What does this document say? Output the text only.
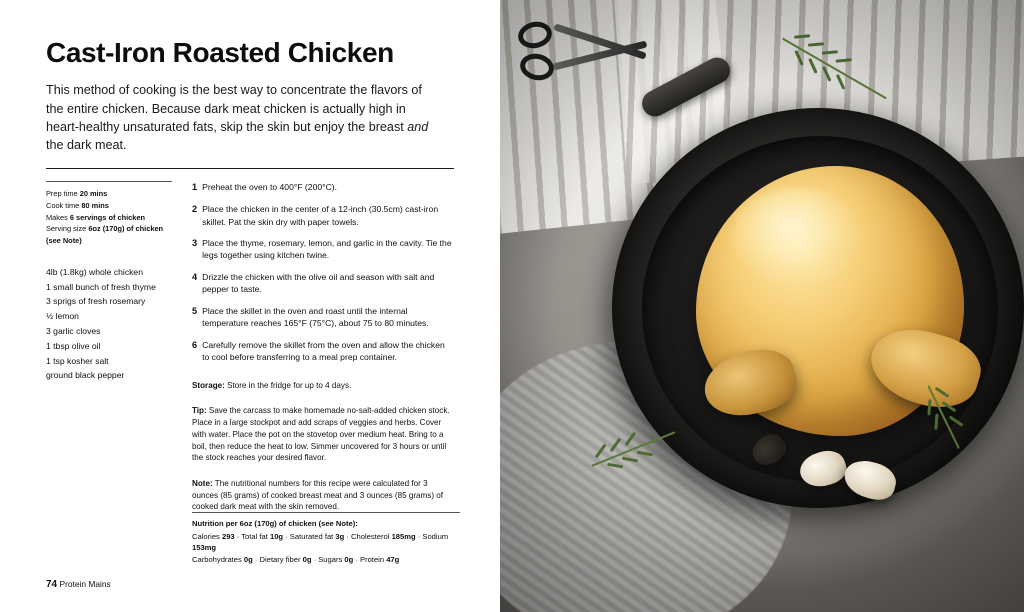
Cast-Iron Roasted Chicken

This method of cooking is the best way to concentrate the flavors of the entire chicken. Because dark meat chicken is actually high in heart-healthy unsaturated fats, skip the skin but enjoy the breast and the dark meat.

Prep time 20 mins
Cook time 80 mins
Makes 6 servings of chicken
Serving size 6oz (170g) of chicken
(see Note)
4lb (1.8kg) whole chicken
1 small bunch of fresh thyme
3 sprigs of fresh rosemary
½ lemon
3 garlic cloves
1 tbsp olive oil
1 tsp kosher salt
ground black pepper
1 Preheat the oven to 400°F (200°C).
2 Place the chicken in the center of a 12-inch (30.5cm) cast-iron skillet. Pat the skin dry with paper towels.
3 Place the thyme, rosemary, lemon, and garlic in the cavity. Tie the legs together using kitchen twine.
4 Drizzle the chicken with the olive oil and season with salt and pepper to taste.
5 Place the skillet in the oven and roast until the internal temperature reaches 165°F (75°C), about 75 to 80 minutes.
6 Carefully remove the skillet from the oven and allow the chicken to cool before transferring to a meal prep container.
Storage: Store in the fridge for up to 4 days.
Tip: Save the carcass to make homemade no-salt-added chicken stock. Place in a large stockpot and add scraps of veggies and herbs. Cover with water. Place the pot on the stovetop over medium heat. Bring to a boil, then reduce the heat to low. Simmer uncovered for 3 hours or until the stock reaches your desired flavor.
Note: The nutritional numbers for this recipe were calculated for 3 ounces (85 grams) of cooked breast meat and 3 ounces (85 grams) of cooked dark meat with the skin removed.
Nutrition per 6oz (170g) of chicken (see Note):
Calories 293 · Total fat 10g · Saturated fat 3g · Cholesterol 185mg · Sodium 153mg
Carbohydrates 0g · Dietary fiber 0g · Sugars 0g · Protein 47g
74 Protein Mains
